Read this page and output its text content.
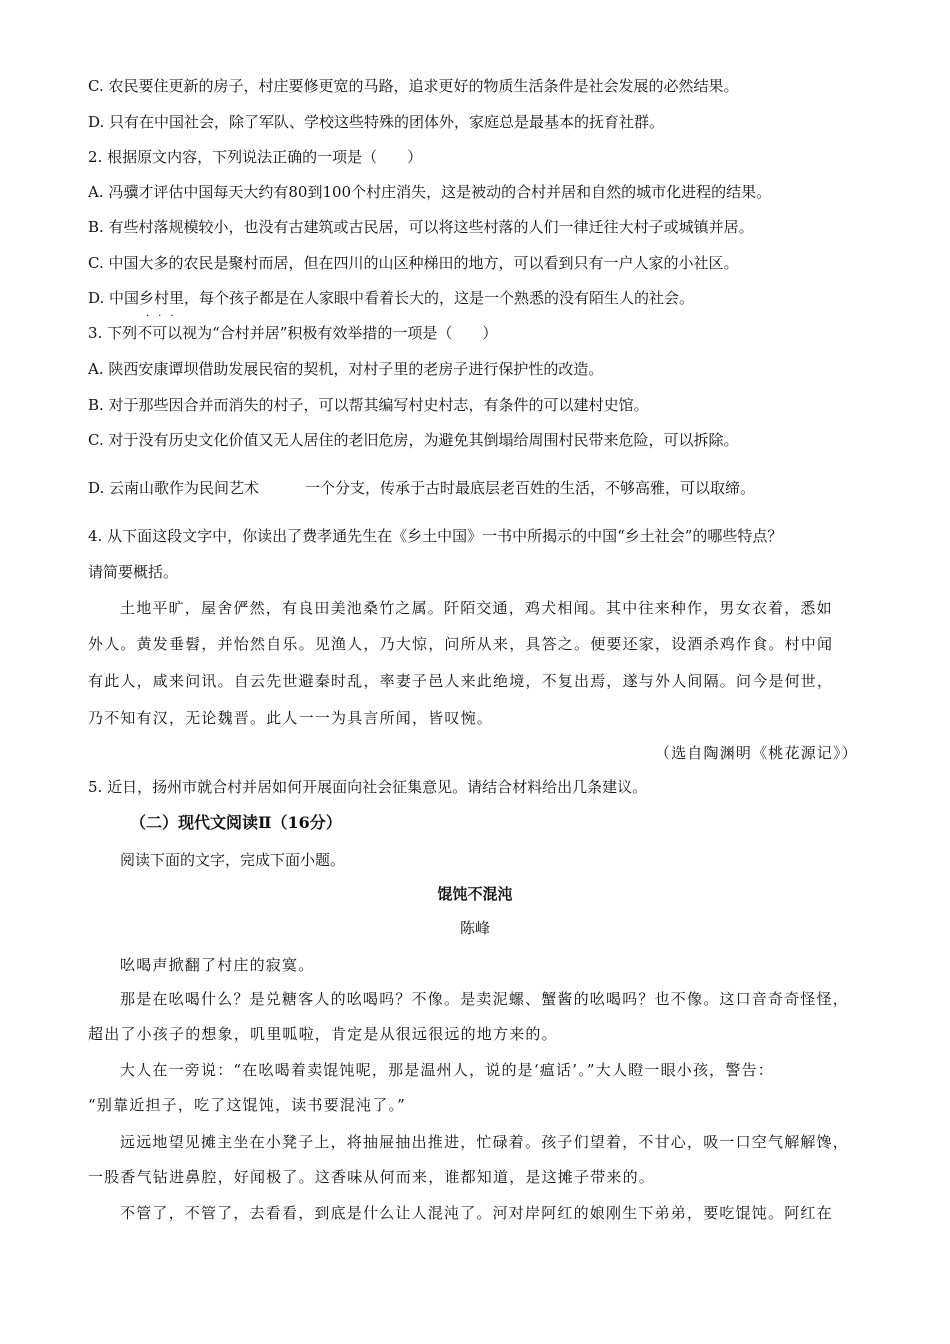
C. 农民要住更新的房子，村庄要修更宽的马路，追求更好的物质生活条件是社会发展的必然结果。
D. 只有在中国社会，除了军队、学校这些特殊的团体外，家庭总是最基本的抚育社群。
2. 根据原文内容，下列说法正确的一项是（　　）
A. 冯骥才评估中国每天大约有80到100个村庄消失，这是被动的合村并居和自然的城市化进程的结果。
B. 有些村落规模较小，也没有古建筑或古民居，可以将这些村落的人们一律迁往大村子或城镇并居。
C. 中国大多的农民是聚村而居，但在四川的山区种梯田的地方，可以看到只有一户人家的小社区。
D. 中国乡村里，每个孩子都是在人家眼中看着长大的，这是一个熟悉的没有陌生人的社会。
···
3. 下列不可以视为“合村并居”积极有效举措的一项是（　　）
A. 陕西安康谭坝借助发展民宿的契机，对村子里的老房子进行保护性的改造。
B. 对于那些因合并而消失的村子，可以帮其编写村史村志，有条件的可以建村史馆。
C. 对于没有历史文化价值又无人居住的老旧危房，为避免其倒塌给周围村民带来危险，可以拆除。
D. 云南山歌作为民间艺术	一个分支，传承于古时最底层老百姓的生活，不够高雅，可以取缔。
4. 从下面这段文字中，你读出了费孝通先生在《乡土中国》一书中所揭示的中国“乡土社会”的哪些特点？
请简要概括。
土地平旷，屋舍俨然，有良田美池桑竹之属。阡陌交通，鸡犬相闻。其中往来种作，男女衣着，悉如
外人。黄发垂髫，并怡然自乐。见渔人，乃大惊，问所从来，具答之。便要还家，设酒杀鸡作食。村中闻
有此人，咸来问讯。自云先世避秦时乱，率妻子邑人来此绝境，不复出焉，遂与外人间隔。问今是何世，
乃不知有汉，无论魏晋。此人一一为具言所闻，皆叹惋。
（选自陶渊明《桃花源记》）
5. 近日，扬州市就合村并居如何开展面向社会征集意见。请结合材料给出几条建议。
（二）现代文阅读Ⅱ（16分）
阅读下面的文字，完成下面小题。
馄饨不混沌
陈峰
吆喝声掀翻了村庄的寂寞。
那是在吆喝什么？是兑糖客人的吆喝吗？不像。是卖泥螺、蟹酱的吆喝吗？也不像。这口音奇奇怪怪，
超出了小孩子的想象，叽里呱啦，肯定是从很远很远的地方来的。
大人在一旁说：“在吆喝着卖馄饨呢，那是温州人，说的是‘瘟话’。”大人瞪一眼小孩，警告：
“别靠近担子，吃了这馄饨，读书要混沌了。”
远远地望见摊主坐在小凳子上，将抽屉抽出推进，忙碌着。孩子们望着，不甘心，吸一口空气解解馋，
一股香气钻进鼻腔，好闻极了。这香味从何而来，谁都知道，是这摊子带来的。
不管了，不管了，去看看，到底是什么让人混沌了。河对岸阿红的娘刚生下弟弟，要吃馄饨。阿红在
